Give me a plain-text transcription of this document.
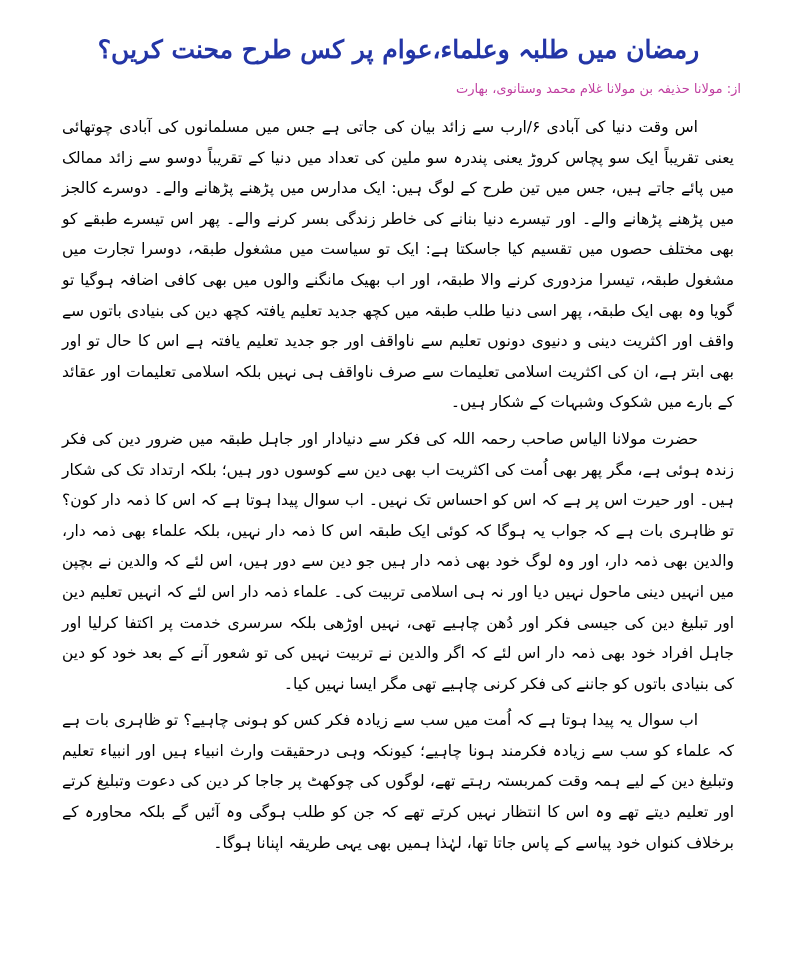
رمضان میں طلبہ وعلماء،عوام پر کس طرح محنت کریں؟
از: مولانا حذیفہ بن مولانا غلام محمد وستانوی، بھارت

اس وقت دنیا کی آبادی ۶/ارب سے زائد بیان کی جاتی ہے جس میں مسلمانوں کی آبادی چوتھائی یعنی تقریباً ایک سو پچاس کروڑ یعنی پندرہ سو ملین کی تعداد میں دنیا کے تقریباً دوسو سے زائد ممالک میں پائے جاتے ہیں، جس میں تین طرح کے لوگ ہیں: ایک مدارس میں پڑھنے پڑھانے والے۔ دوسرے کالجز میں پڑھنے پڑھانے والے۔ اور تیسرے دنیا بنانے کی خاطر زندگی بسر کرنے والے۔ پھر اس تیسرے طبقے کو بھی مختلف حصوں میں تقسیم کیا جاسکتا ہے: ایک تو سیاست میں مشغول طبقہ، دوسرا تجارت میں مشغول طبقہ، تیسرا مزدوری کرنے والا طبقہ، اور اب بھیک مانگنے والوں میں بھی کافی اضافہ ہوگیا تو گویا وہ بھی ایک طبقہ، پھر اسی دنیا طلب طبقہ میں کچھ جدید تعلیم یافتہ کچھ دین کی بنیادی باتوں سے واقف اور اکثریت دینی و دنیوی دونوں تعلیم سے ناواقف اور جو جدید تعلیم یافتہ ہے اس کا حال تو اور بھی ابتر ہے، ان کی اکثریت اسلامی تعلیمات سے صرف ناواقف ہی نہیں بلکہ اسلامی تعلیمات اور عقائد کے بارے میں شکوک وشبہات کے شکار ہیں۔

حضرت مولانا الیاس صاحب رحمہ اللہ کی فکر سے دنیادار اور جاہل طبقہ میں ضرور دین کی فکر زندہ ہوئی ہے، مگر پھر بھی اُمت کی اکثریت اب بھی دین سے کوسوں دور ہیں؛ بلکہ ارتداد تک کی شکار ہیں۔ اور حیرت اس پر ہے کہ اس کو احساس تک نہیں۔ اب سوال پیدا ہوتا ہے کہ اس کا ذمہ دار کون؟ تو ظاہری بات ہے کہ جواب یہ ہوگا کہ کوئی ایک طبقہ اس کا ذمہ دار نہیں، بلکہ علماء بھی ذمہ دار، والدین بھی ذمہ دار، اور وہ لوگ خود بھی ذمہ دار ہیں جو دین سے دور ہیں، اس لئے کہ والدین نے بچپن میں انہیں دینی ماحول نہیں دیا اور نہ ہی اسلامی تربیت کی۔ علماء ذمہ دار اس لئے کہ انہیں تعلیم دین اور تبلیغ دین کی جیسی فکر اور دُھن چاہیے تھی، نہیں اوڑھی بلکہ سرسری خدمت پر اکتفا کرلیا اور جاہل افراد خود بھی ذمہ دار اس لئے کہ اگر والدین نے تربیت نہیں کی تو شعور آنے کے بعد خود کو دین کی بنیادی باتوں کو جاننے کی فکر کرنی چاہیے تھی مگر ایسا نہیں کیا۔

اب سوال یہ پیدا ہوتا ہے کہ اُمت میں سب سے زیادہ فکر کس کو ہونی چاہیے؟ تو ظاہری بات ہے کہ علماء کو سب سے زیادہ فکرمند ہونا چاہیے؛ کیونکہ وہی درحقیقت وارث انبیاء ہیں اور انبیاء تعلیم وتبلیغ دین کے لیے ہمہ وقت کمربستہ رہتے تھے، لوگوں کی چوکھٹ پر جاجا کر دین کی دعوت وتبلیغ کرتے اور تعلیم دیتے تھے وہ اس کا انتظار نہیں کرتے تھے کہ جن کو طلب ہوگی وہ آئیں گے بلکہ محاورہ کے برخلاف کنواں خود پیاسے کے پاس جاتا تھا، لہٰذا ہمیں بھی یہی طریقہ اپنانا ہوگا۔
